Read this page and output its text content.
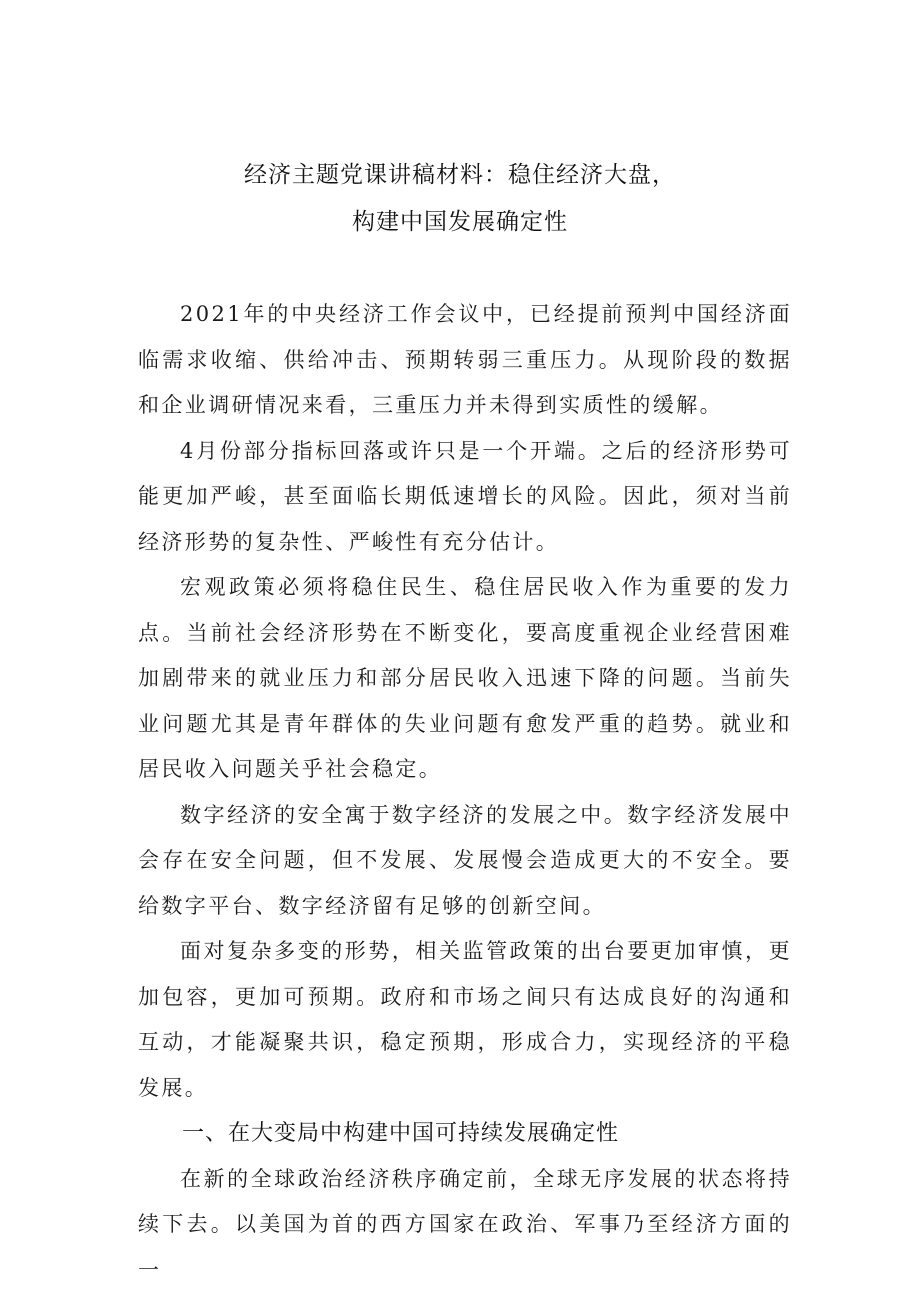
经济主题党课讲稿材料：稳住经济大盘，
构建中国发展确定性

2021年的中央经济工作会议中，已经提前预判中国经济面临需求收缩、供给冲击、预期转弱三重压力。从现阶段的数据和企业调研情况来看，三重压力并未得到实质性的缓解。

4月份部分指标回落或许只是一个开端。之后的经济形势可能更加严峻，甚至面临长期低速增长的风险。因此，须对当前经济形势的复杂性、严峻性有充分估计。

宏观政策必须将稳住民生、稳住居民收入作为重要的发力点。当前社会经济形势在不断变化，要高度重视企业经营困难加剧带来的就业压力和部分居民收入迅速下降的问题。当前失业问题尤其是青年群体的失业问题有愈发严重的趋势。就业和居民收入问题关乎社会稳定。

数字经济的安全寓于数字经济的发展之中。数字经济发展中会存在安全问题，但不发展、发展慢会造成更大的不安全。要给数字平台、数字经济留有足够的创新空间。

面对复杂多变的形势，相关监管政策的出台要更加审慎，更加包容，更加可预期。政府和市场之间只有达成良好的沟通和互动，才能凝聚共识，稳定预期，形成合力，实现经济的平稳发展。

一、在大变局中构建中国可持续发展确定性

在新的全球政治经济秩序确定前，全球无序发展的状态将持续下去。以美国为首的西方国家在政治、军事乃至经济方面的一
